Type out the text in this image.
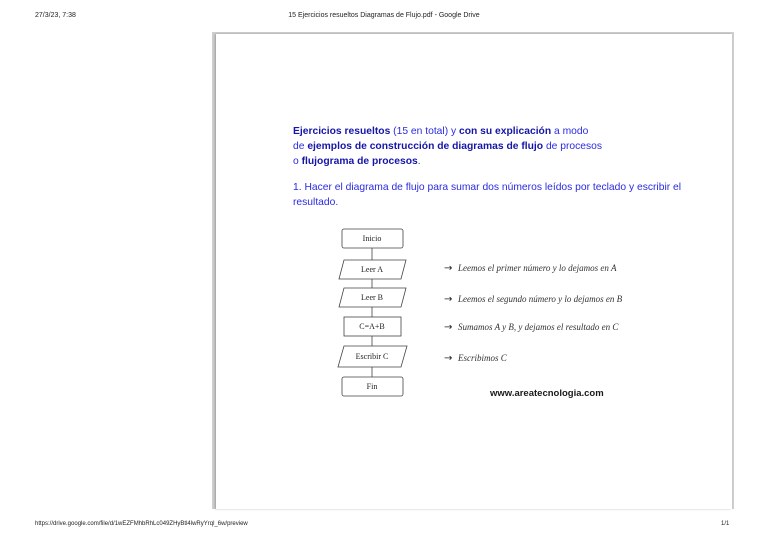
27/3/23, 7:38	15 Ejercicios resueltos Diagramas de Flujo.pdf - Google Drive

Ejercicios resueltos (15 en total) y con su explicación a modo
de ejemplos de construcción de diagramas de flujo de procesos
o flujograma de procesos.

1. Hacer el diagrama de flujo para sumar dos números leídos por teclado y escribir el resultado.

Inicio
Leer A
Leer B
C=A+B
Escribir C
Fin
→ Leemos el primer número y lo dejamos en A
→ Leemos el segundo número y lo dejamos en B
→ Sumamos A y B, y dejamos el resultado en C
→ Escribimos C
www.areatecnologia.com
https://drive.google.com/file/d/1wEZFMhbRhLc049ZHyBtl4lwRyYrql_6w/preview	1/1
